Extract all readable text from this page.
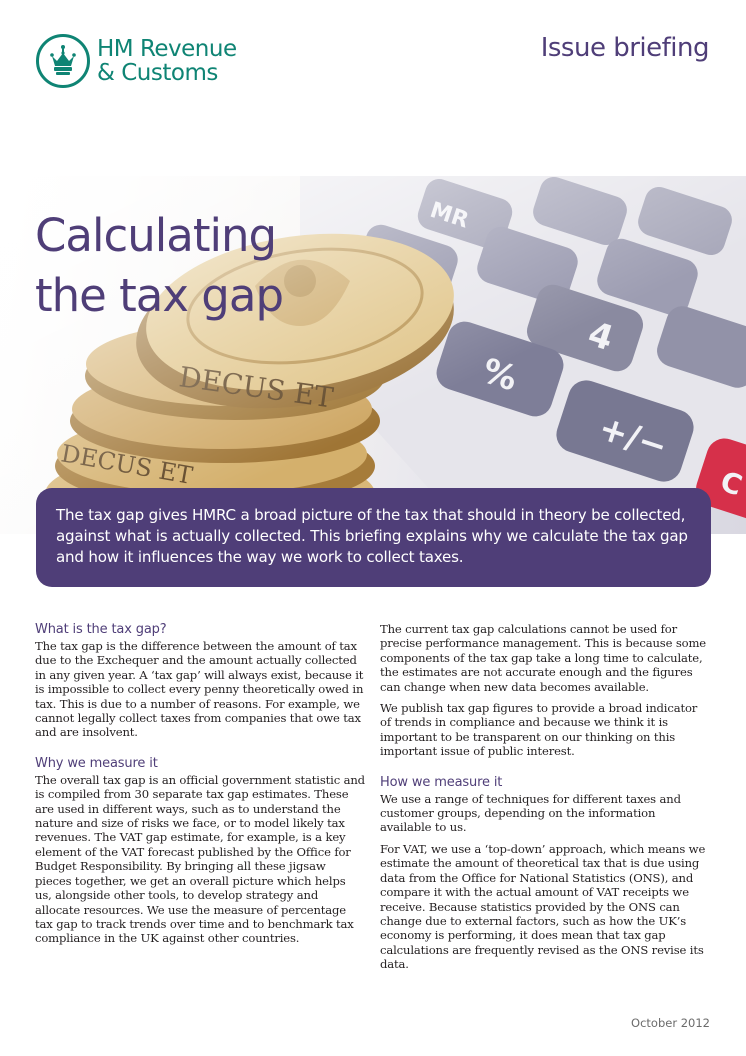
HM Revenue
& Customs
Issue briefing
Calculating
the tax gap
The tax gap gives HMRC a broad picture of the tax that should in theory be collected, against what is actually collected. This briefing explains why we calculate the tax gap and how it influences the way we work to collect taxes.
What is the tax gap?

The tax gap is the difference between the amount of tax due to the Exchequer and the amount actually collected in any given year. A ‘tax gap’ will always exist, because it is impossible to collect every penny theoretically owed in tax. This is due to a number of reasons. For example, we cannot legally collect taxes from companies that owe tax and are insolvent.

Why we measure it

The overall tax gap is an official government statistic and is compiled from 30 separate tax gap estimates. These are used in different ways, such as to understand the nature and size of risks we face, or to model likely tax revenues. The VAT gap estimate, for example, is a key element of the VAT forecast published by the Office for Budget Responsibility. By bringing all these jigsaw pieces together, we get an overall picture which helps us, alongside other tools, to develop strategy and allocate resources. We use the measure of percentage tax gap to track trends over time and to benchmark tax compliance in the UK against other countries.

The current tax gap calculations cannot be used for precise performance management. This is because some components of the tax gap take a long time to calculate, the estimates are not accurate enough and the figures can change when new data becomes available.

We publish tax gap figures to provide a broad indicator of trends in compliance and because we think it is important to be transparent on our thinking on this important issue of public interest.

How we measure it

We use a range of techniques for different taxes and customer groups, depending on the information available to us.

For VAT, we use a ‘top-down’ approach, which means we estimate the amount of theoretical tax that is due using data from the Office for National Statistics (ONS), and compare it with the actual amount of VAT receipts we receive. Because statistics provided by the ONS can change due to external factors, such as how the UK’s economy is performing, it does mean that tax gap calculations are frequently revised as the ONS revise its data.

October 2012
